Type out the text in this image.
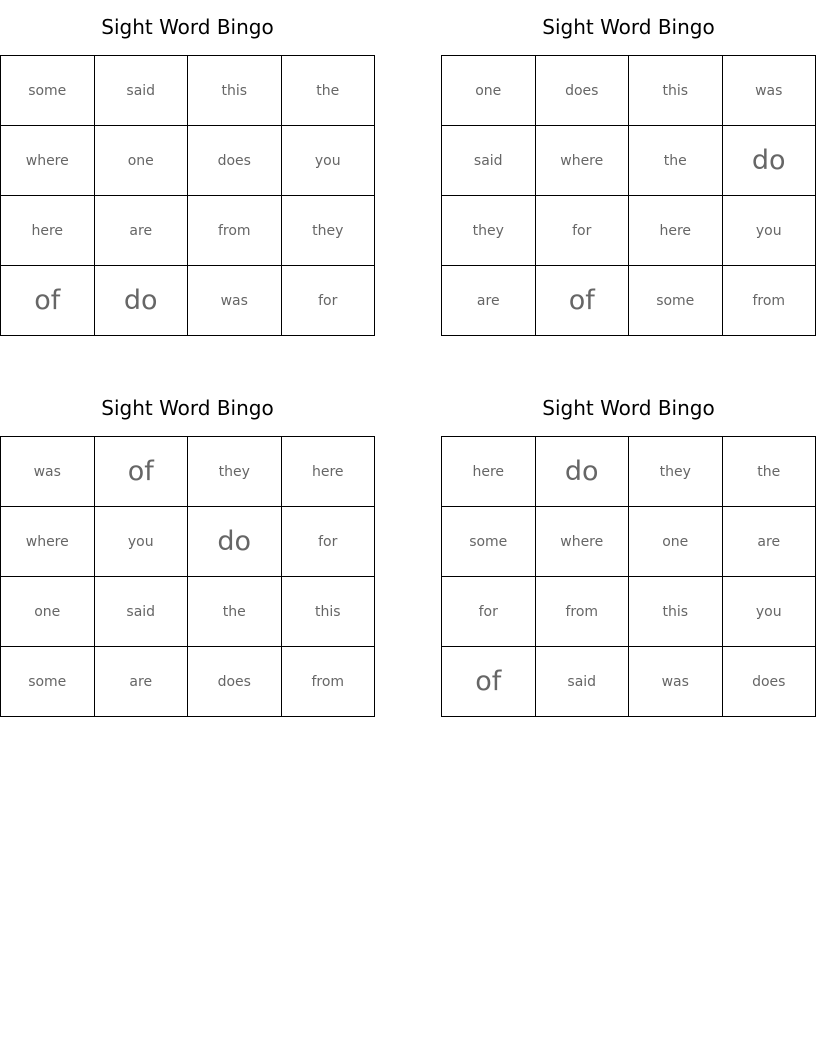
Sight Word Bingo
some	said	this	the
where	one	does	you
here	are	from	they
of	do	was	for
Sight Word Bingo
one	does	this	was
said	where	the	do
they	for	here	you
are	of	some	from
Sight Word Bingo
was	of	they	here
where	you	do	for
one	said	the	this
some	are	does	from
Sight Word Bingo
here	do	they	the
some	where	one	are
for	from	this	you
of	said	was	does
